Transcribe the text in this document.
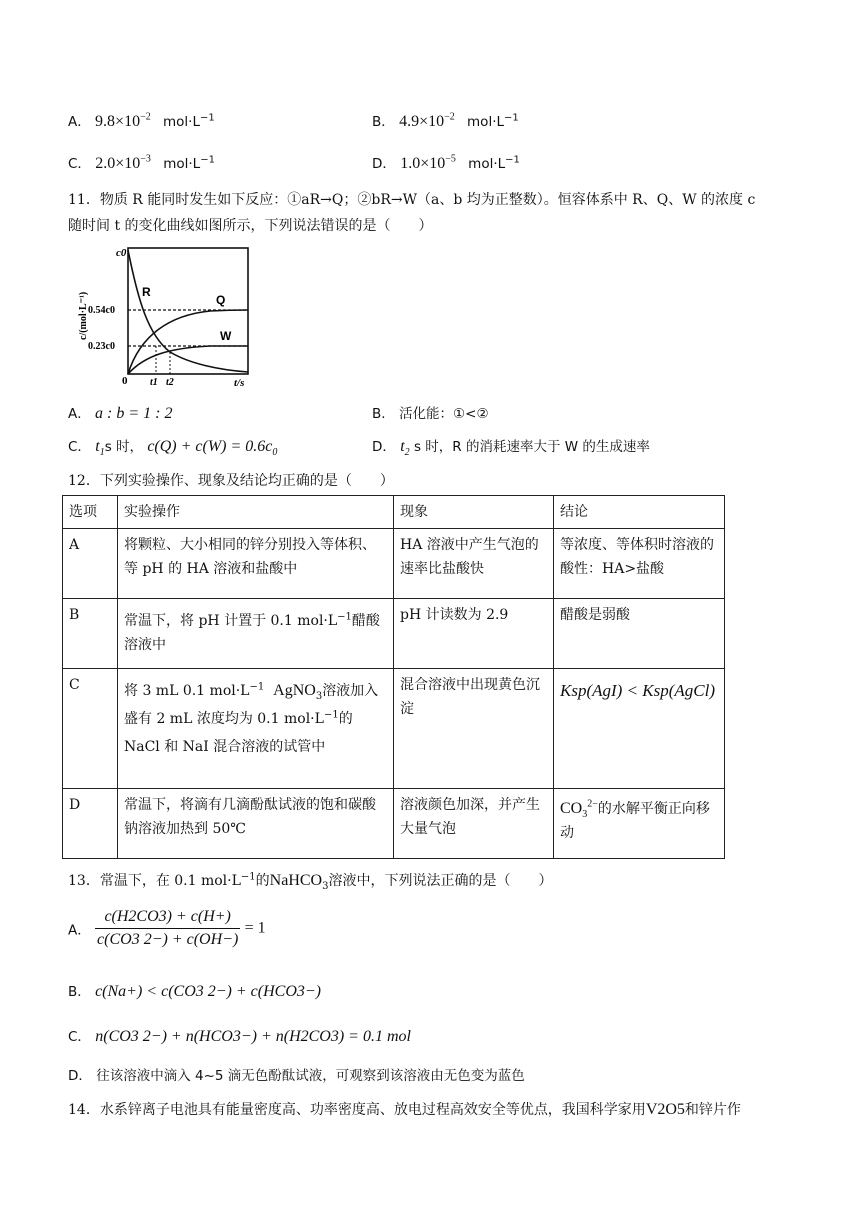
A． $9.8\times 10^{-2}$ $mol\cdot L^{-1}$	B． $4.9\times 10^{-2}$ $mol\cdot L^{-1}$
C． $2.0\times 10^{-3}$ $mol\cdot L^{-1}$	D． $1.0\times 10^{-5}$ $mol\cdot L^{-1}$
11．物质 R 能同时发生如下反应：①aR→Q；②bR→W（a、b 均为正整数）。恒容体系中 R、Q、W 的浓度 c
随时间 t 的变化曲线如图所示，下列说法错误的是（　　）
c0
c/(mol·L⁻¹) 0.54c0
0.23c0
0 t1 t2	t/s
R
Q
W
A． a : b = 1 : 2	B． 活化能：①<②
C． $t_1s$ 时， $c(Q) + c(W) = 0.6c_0$	D． $t_2$ s 时，R 的消耗速率大于 W 的生成速率
12．下列实验操作、现象及结论均正确的是（　　）
选项	实验操作	现象	结论
A	将颗粒、大小相同的锌分别投入等体积、等 pH 的 HA 溶液和盐酸中	HA 溶液中产生气泡的速率比盐酸快	等浓度、等体积时溶液的酸性：HA>盐酸
B	常温下，将 pH 计置于 0.1 $mol\cdot L^{-1}$醋酸溶液中	pH 计读数为 2.9	醋酸是弱酸
C	将 3 mL 0.1 $mol\cdot L^{-1}$ AgNO$_3$溶液加入盛有 2 mL 浓度均为 0.1 $mol\cdot L^{-1}$的 NaCl 和 NaI 混合溶液的试管中	混合溶液中出现黄色沉淀	Ksp(AgI) < Ksp(AgCl)
D	常温下，将滴有几滴酚酞试液的饱和碳酸钠溶液加热到 50℃	溶液颜色加深，并产生大量气泡	$CO_3^{2-}$的水解平衡正向移动
13．常温下，在 0.1 $mol\cdot L^{-1}$的NaHCO$_3$溶液中，下列说法正确的是（　　）
A． $\frac{c(H2CO3) + c(H+)}{c(CO3 2-) + c(OH-)} = 1$
B． c(Na+) < c(CO3 2−) + c(HCO3−)
C． n(CO3 2−) + n(HCO3−) + n(H2CO3) = 0.1 mol
D． 往该溶液中滴入 4~5 滴无色酚酞试液，可观察到该溶液由无色变为蓝色
14．水系锌离子电池具有能量密度高、功率密度高、放电过程高效安全等优点，我国科学家用V2O5和锌片作
